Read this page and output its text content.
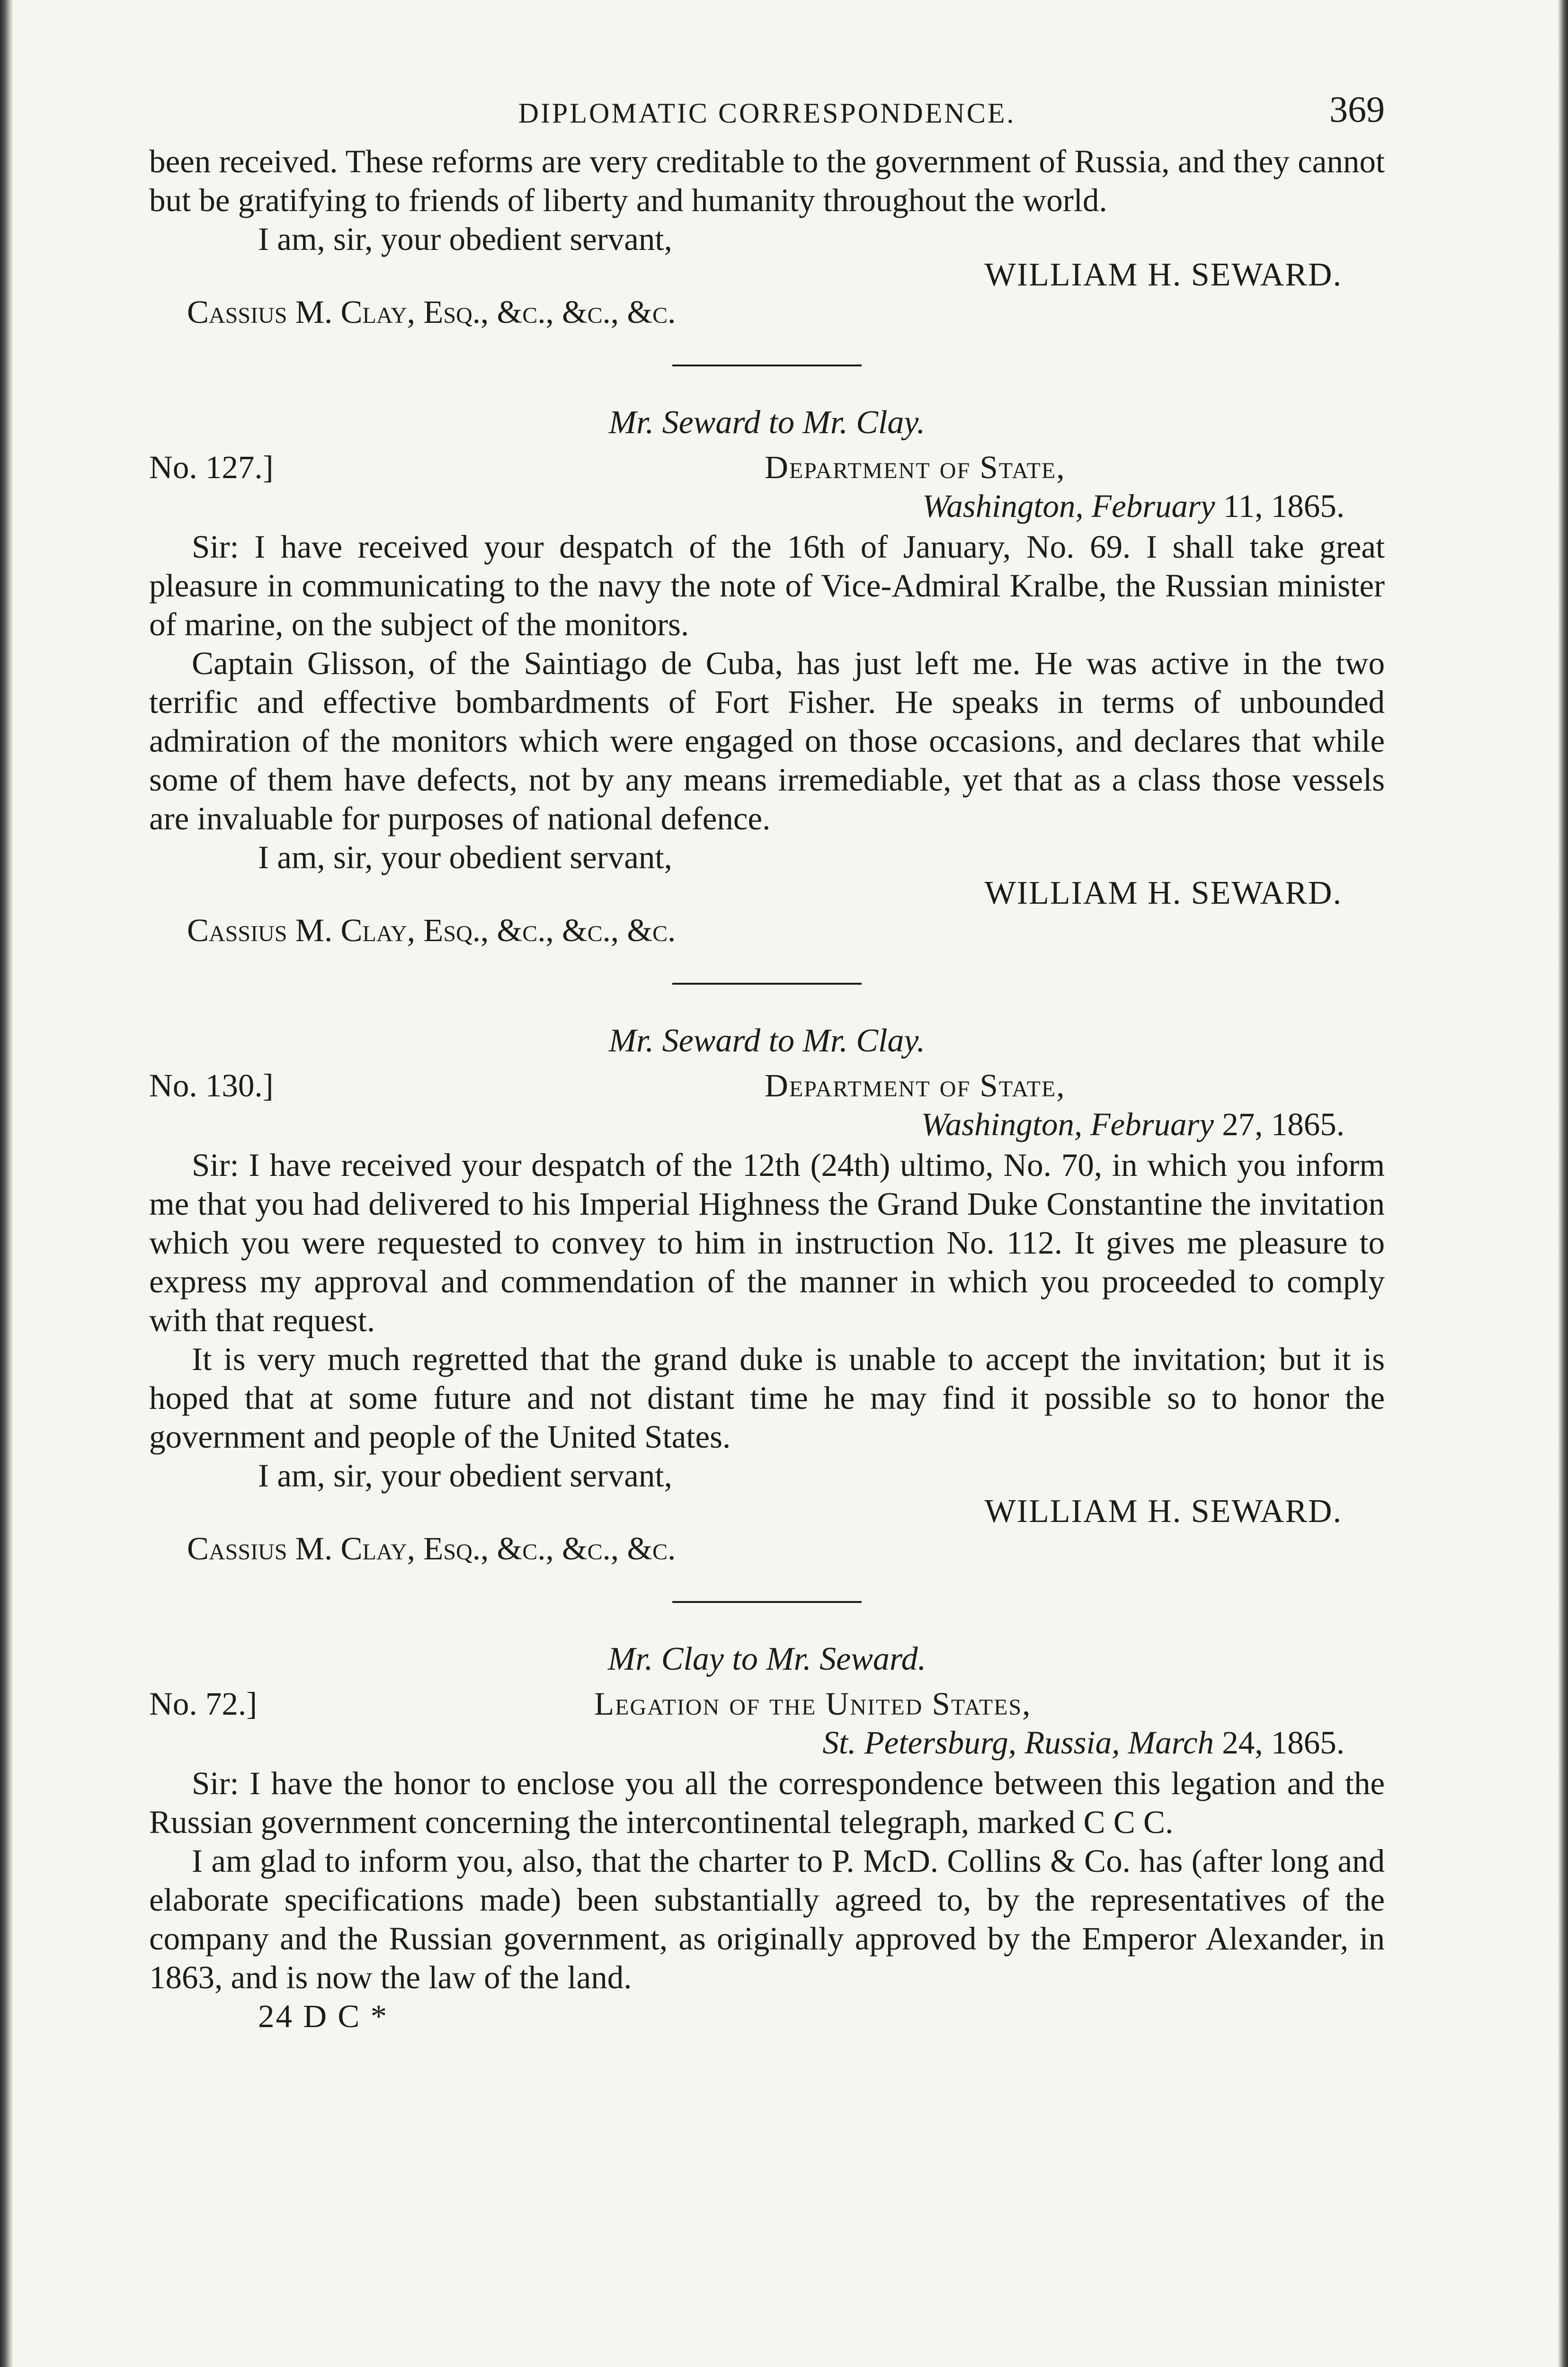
DIPLOMATIC CORRESPONDENCE.	369

been received. These reforms are very creditable to the government of Russia, and they cannot but be gratifying to friends of liberty and humanity throughout the world.

I am, sir, your obedient servant,

WILLIAM H. SEWARD.

Cassius M. Clay, Esq., &c., &c., &c.

Mr. Seward to Mr. Clay.
No. 127.]	Department of State,
Washington, February 11, 1865.

Sir: I have received your despatch of the 16th of January, No. 69. I shall take great pleasure in communicating to the navy the note of Vice-Admiral Kralbe, the Russian minister of marine, on the subject of the monitors.

Captain Glisson, of the Saintiago de Cuba, has just left me. He was active in the two terrific and effective bombardments of Fort Fisher. He speaks in terms of unbounded admiration of the monitors which were engaged on those occasions, and declares that while some of them have defects, not by any means irremediable, yet that as a class those vessels are invaluable for purposes of national defence.

I am, sir, your obedient servant,

WILLIAM H. SEWARD.

Cassius M. Clay, Esq., &c., &c., &c.

Mr. Seward to Mr. Clay.
No. 130.]	Department of State,
Washington, February 27, 1865.

Sir: I have received your despatch of the 12th (24th) ultimo, No. 70, in which you inform me that you had delivered to his Imperial Highness the Grand Duke Constantine the invitation which you were requested to convey to him in instruction No. 112. It gives me pleasure to express my approval and commendation of the manner in which you proceeded to comply with that request.

It is very much regretted that the grand duke is unable to accept the invitation; but it is hoped that at some future and not distant time he may find it possible so to honor the government and people of the United States.

I am, sir, your obedient servant,

WILLIAM H. SEWARD.

Cassius M. Clay, Esq., &c., &c., &c.

Mr. Clay to Mr. Seward.
No. 72.]	Legation of the United States,
St. Petersburg, Russia, March 24, 1865.

Sir: I have the honor to enclose you all the correspondence between this legation and the Russian government concerning the intercontinental telegraph, marked C C C.

I am glad to inform you, also, that the charter to P. McD. Collins & Co. has (after long and elaborate specifications made) been substantially agreed to, by the representatives of the company and the Russian government, as originally approved by the Emperor Alexander, in 1863, and is now the law of the land.

24 D C *
